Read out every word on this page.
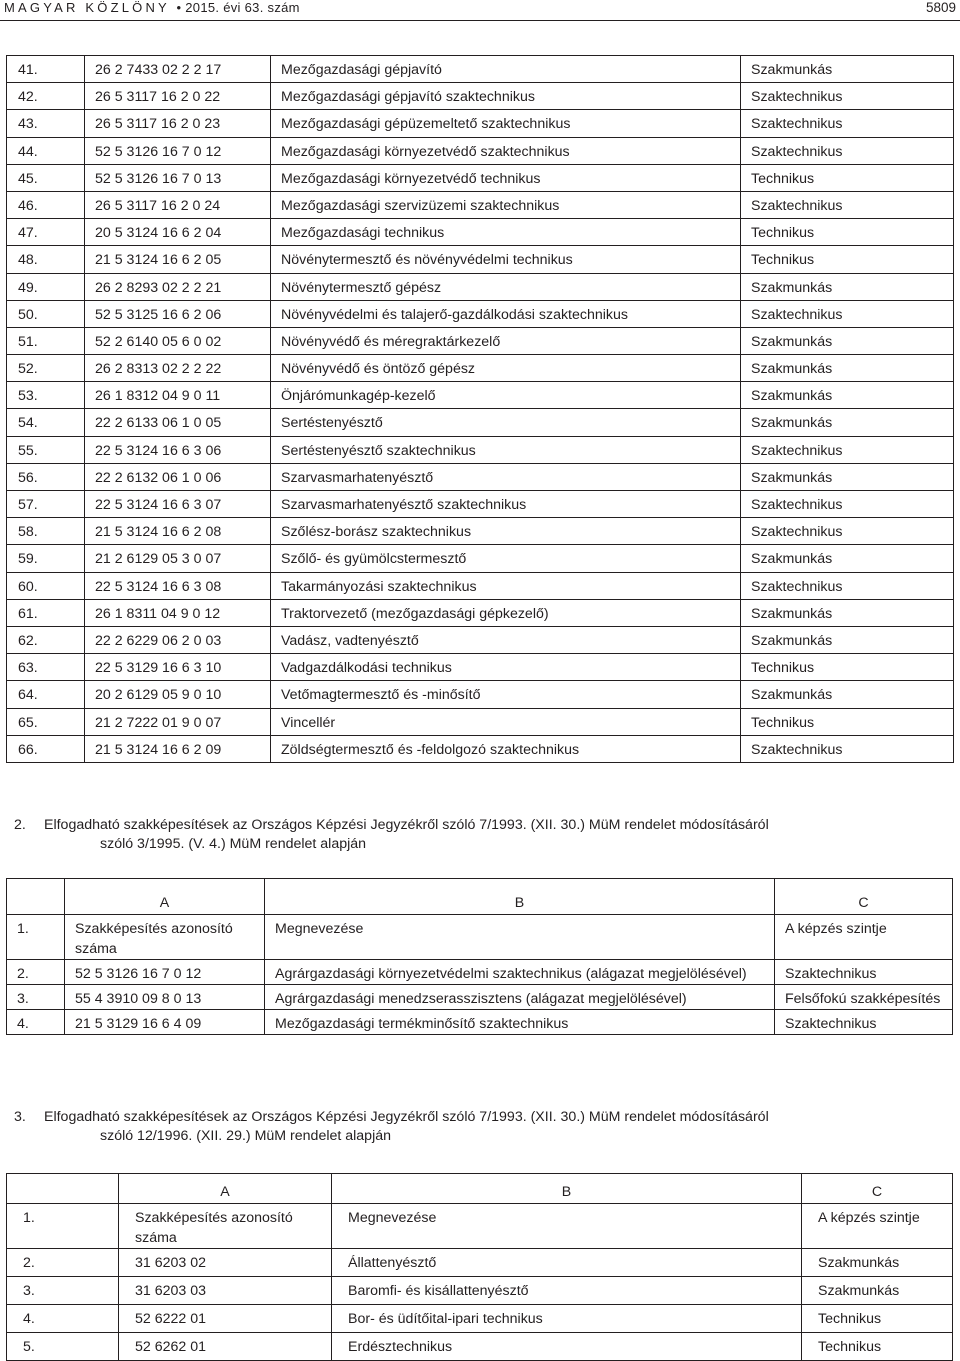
MAGYAR KÖZLÖNY • 2015. évi 63. szám	5809
41.	26 2 7433 02 2 2 17	Mezőgazdasági gépjavító	Szakmunkás
42.	26 5 3117 16 2 0 22	Mezőgazdasági gépjavító szaktechnikus	Szaktechnikus
43.	26 5 3117 16 2 0 23	Mezőgazdasági gépüzemeltető szaktechnikus	Szaktechnikus
44.	52 5 3126 16 7 0 12	Mezőgazdasági környezetvédő szaktechnikus	Szaktechnikus
45.	52 5 3126 16 7 0 13	Mezőgazdasági környezetvédő technikus	Technikus
46.	26 5 3117 16 2 0 24	Mezőgazdasági szervizüzemi szaktechnikus	Szaktechnikus
47.	20 5 3124 16 6 2 04	Mezőgazdasági technikus	Technikus
48.	21 5 3124 16 6 2 05	Növénytermesztő és növényvédelmi technikus	Technikus
49.	26 2 8293 02 2 2 21	Növénytermesztő gépész	Szakmunkás
50.	52 5 3125 16 6 2 06	Növényvédelmi és talajerő-gazdálkodási szaktechnikus	Szaktechnikus
51.	52 2 6140 05 6 0 02	Növényvédő és méregraktárkezelő	Szakmunkás
52.	26 2 8313 02 2 2 22	Növényvédő és öntöző gépész	Szakmunkás
53.	26 1 8312 04 9 0 11	Önjárómunkagép-kezelő	Szakmunkás
54.	22 2 6133 06 1 0 05	Sertéstenyésztő	Szakmunkás
55.	22 5 3124 16 6 3 06	Sertéstenyésztő szaktechnikus	Szaktechnikus
56.	22 2 6132 06 1 0 06	Szarvasmarhatenyésztő	Szakmunkás
57.	22 5 3124 16 6 3 07	Szarvasmarhatenyésztő szaktechnikus	Szaktechnikus
58.	21 5 3124 16 6 2 08	Szőlész-borász szaktechnikus	Szaktechnikus
59.	21 2 6129 05 3 0 07	Szőlő- és gyümölcstermesztő	Szakmunkás
60.	22 5 3124 16 6 3 08	Takarmányozási szaktechnikus	Szaktechnikus
61.	26 1 8311 04 9 0 12	Traktorvezető (mezőgazdasági gépkezelő)	Szakmunkás
62.	22 2 6229 06 2 0 03	Vadász, vadtenyésztő	Szakmunkás
63.	22 5 3129 16 6 3 10	Vadgazdálkodási technikus	Technikus
64.	20 2 6129 05 9 0 10	Vetőmagtermesztő és -minősítő	Szakmunkás
65.	21 2 7222 01 9 0 07	Vincellér	Technikus
66.	21 5 3124 16 6 2 09	Zöldségtermesztő és -feldolgozó szaktechnikus	Szaktechnikus
2. Elfogadható szakképesítések az Országos Képzési Jegyzékről szóló 7/1993. (XII. 30.) MüM rendelet módosításáról
szóló 3/1995. (V. 4.) MüM rendelet alapján
	A	B	C
1.	Szakképesítés azonosító száma	Megnevezése	A képzés szintje
2.	52 5 3126 16 7 0 12	Agrárgazdasági környezetvédelmi szaktechnikus (alágazat megjelölésével)	Szaktechnikus
3.	55 4 3910 09 8 0 13	Agrárgazdasági menedzserasszisztens (alágazat megjelölésével)	Felsőfokú szakképesítés
4.	21 5 3129 16 6 4 09	Mezőgazdasági termékminősítő szaktechnikus	Szaktechnikus
3. Elfogadható szakképesítések az Országos Képzési Jegyzékről szóló 7/1993. (XII. 30.) MüM rendelet módosításáról
szóló 12/1996. (XII. 29.) MüM rendelet alapján
	A	B	C
1.	Szakképesítés azonosító száma	Megnevezése	A képzés szintje
2.	31 6203 02	Állattenyésztő	Szakmunkás
3.	31 6203 03	Baromfi- és kisállattenyésztő	Szakmunkás
4.	52 6222 01	Bor- és üdítőital-ipari technikus	Technikus
5.	52 6262 01	Erdésztechnikus	Technikus
